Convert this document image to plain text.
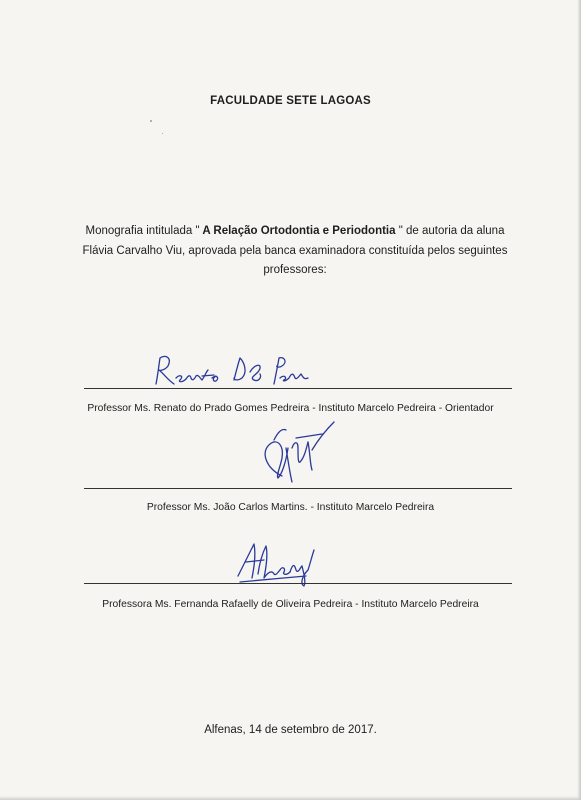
FACULDADE SETE LAGOAS
Monografia intitulada " A Relação Ortodontia e Periodontia " de autoria da aluna Flávia Carvalho Viu, aprovada pela banca examinadora constituída pelos seguintes professores:
Professor Ms. Renato do Prado Gomes Pedreira - Instituto Marcelo Pedreira - Orientador
Professor Ms. João Carlos Martins. - Instituto Marcelo Pedreira
Professora Ms. Fernanda Rafaelly de Oliveira Pedreira - Instituto Marcelo Pedreira
Alfenas, 14 de setembro de 2017.
